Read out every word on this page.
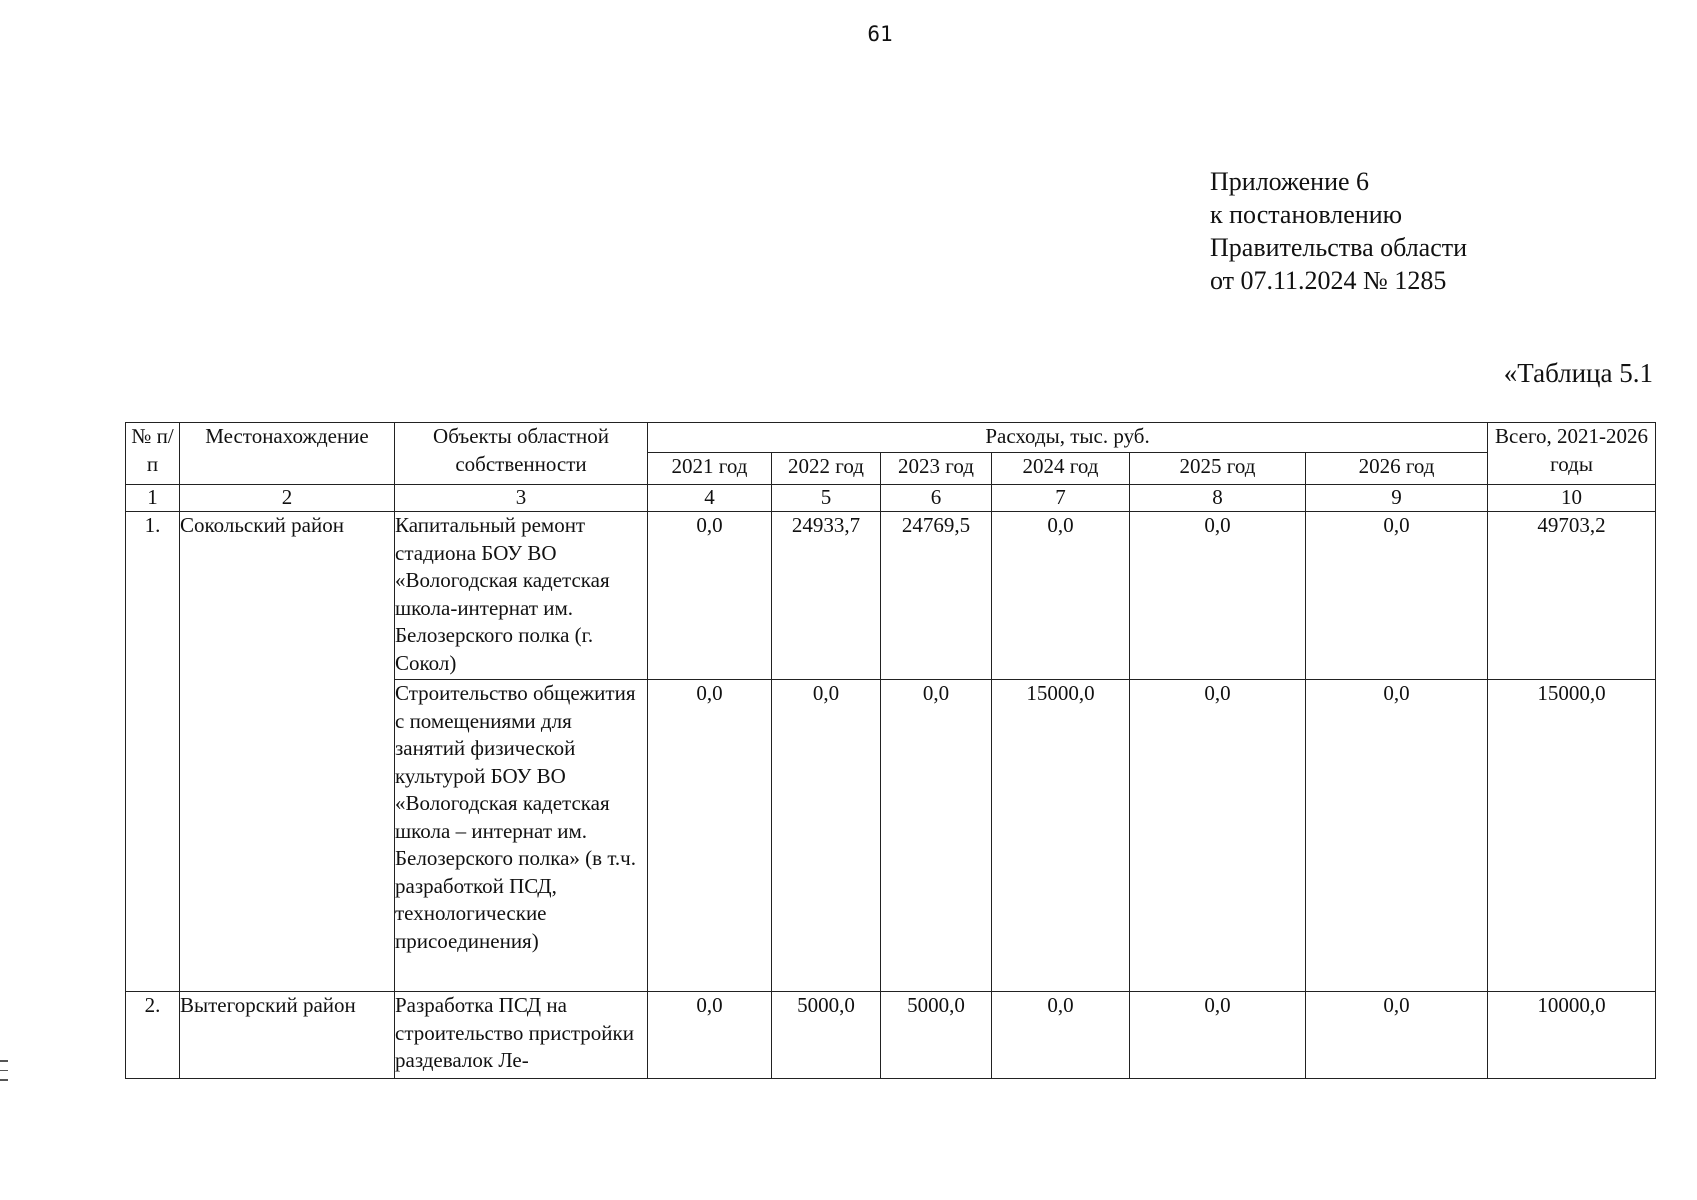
61
Приложение 6
к постановлению
Правительства области
от 07.11.2024 № 1285
«Таблица 5.1
№ п/п	Местонахождение	Объекты областной собственности	Расходы, тыс. руб.						Всего, 2021-2026 годы
			2021 год	2022 год	2023 год	2024 год	2025 год	2026 год	
1	2	3	4	5	6	7	8	9	10
1.	Сокольский район	Капитальный ремонт стадиона БОУ ВО «Вологодская кадетская школа-интернат им. Белозерского полка (г. Сокол)	0,0	24933,7	24769,5	0,0	0,0	0,0	49703,2
		Строительство общежития с помещениями для занятий физической культурой БОУ ВО «Вологодская кадетская школа – интернат им. Белозерского полка» (в т.ч. разработкой ПСД, технологические присоединения)	0,0	0,0	0,0	15000,0	0,0	0,0	15000,0
2.	Вытегорский район	Разработка ПСД на строительство пристройки раздевалок Ле-	0,0	5000,0	5000,0	0,0	0,0	0,0	10000,0
